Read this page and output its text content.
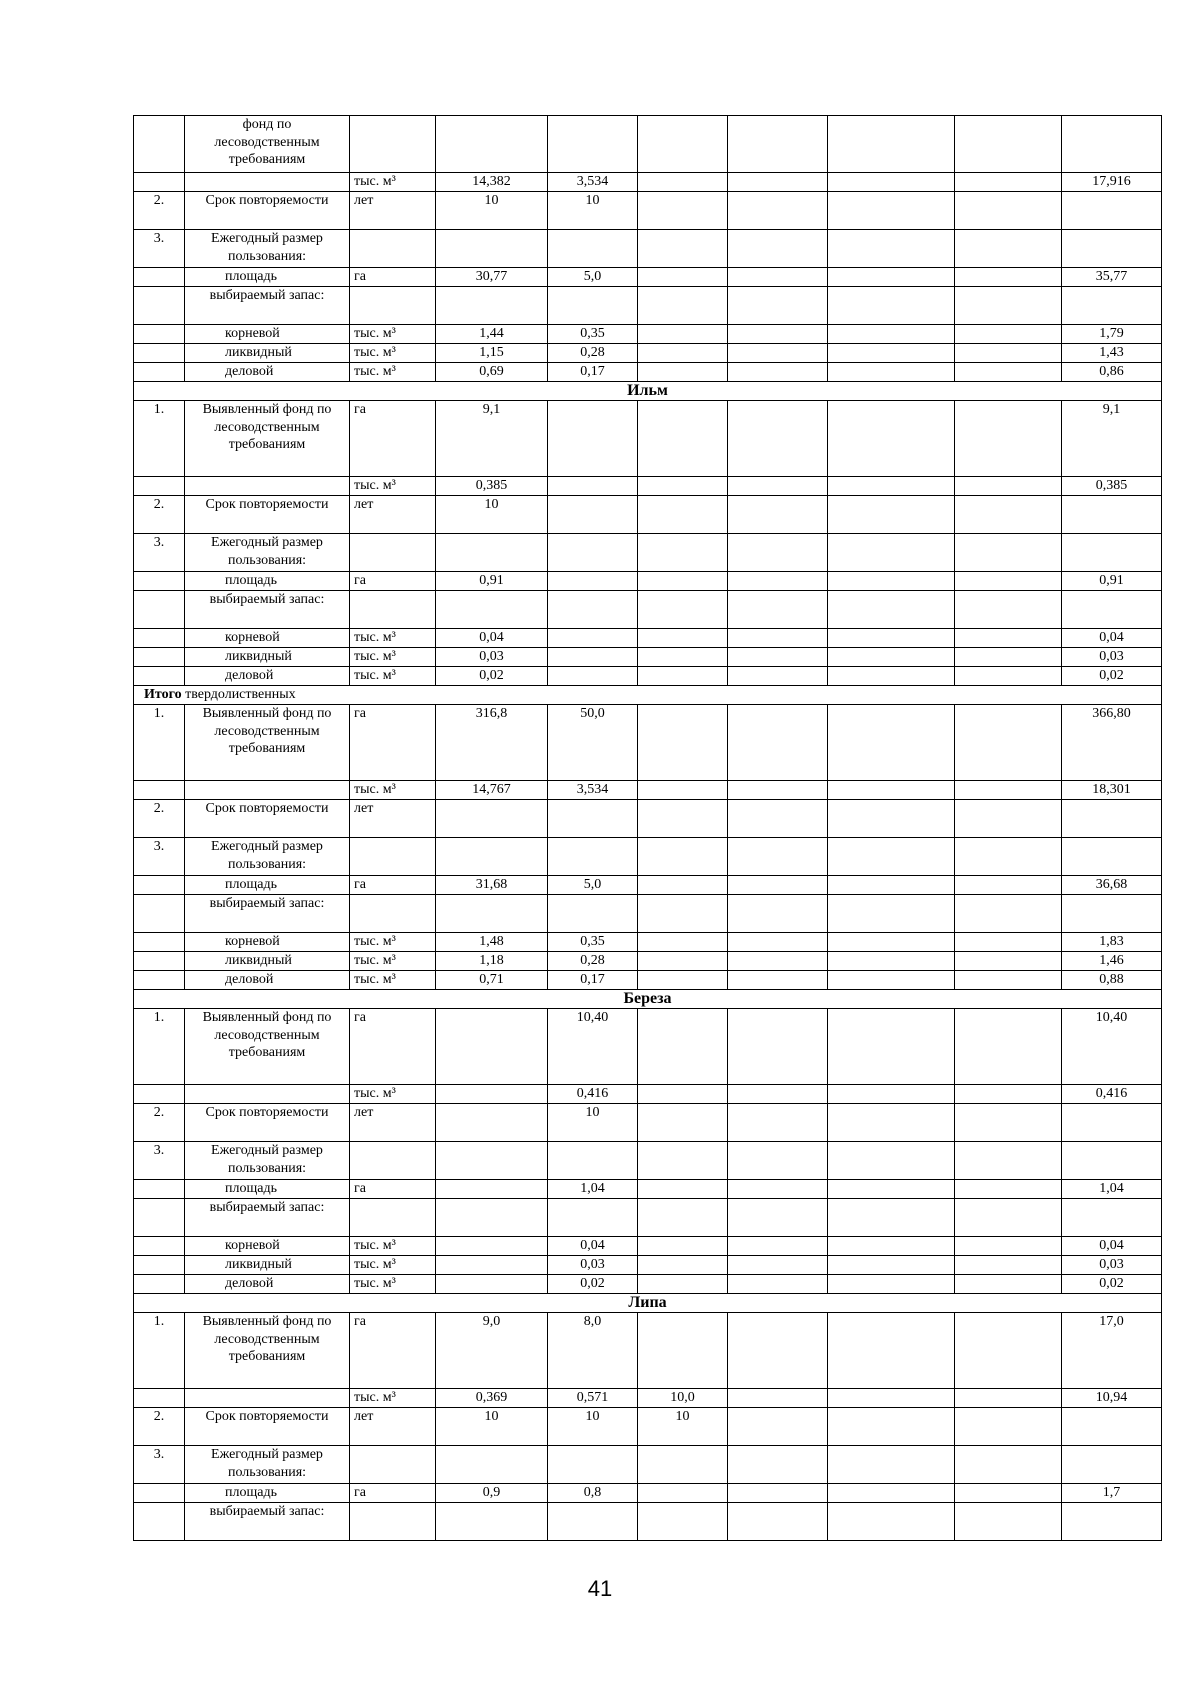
	фонд по лесоводственным требованиям								
		тыс. м³	14,382	3,534					17,916
2.	Срок повторяемости	лет	10	10					
3.	Ежегодный размер пользования:								
	площадь	га	30,77	5,0					35,77
	выбираемый запас:								
	корневой	тыс. м³	1,44	0,35					1,79
	ликвидный	тыс. м³	1,15	0,28					1,43
	деловой	тыс. м³	0,69	0,17					0,86
Ильм									
1.	Выявленный фонд по лесоводственным требованиям	га	9,1						9,1
		тыс. м³	0,385						0,385
2.	Срок повторяемости	лет	10						
3.	Ежегодный размер пользования:								
	площадь	га	0,91						0,91
	выбираемый запас:								
	корневой	тыс. м³	0,04						0,04
	ликвидный	тыс. м³	0,03						0,03
	деловой	тыс. м³	0,02						0,02
Итого твердолиственных									
1.	Выявленный фонд по лесоводственным требованиям	га	316,8	50,0					366,80
		тыс. м³	14,767	3,534					18,301
2.	Срок повторяемости	лет							
3.	Ежегодный размер пользования:								
	площадь	га	31,68	5,0					36,68
	выбираемый запас:								
	корневой	тыс. м³	1,48	0,35					1,83
	ликвидный	тыс. м³	1,18	0,28					1,46
	деловой	тыс. м³	0,71	0,17					0,88
Береза									
1.	Выявленный фонд по лесоводственным требованиям	га		10,40					10,40
		тыс. м³		0,416					0,416
2.	Срок повторяемости	лет		10					
3.	Ежегодный размер пользования:								
	площадь	га		1,04					1,04
	выбираемый запас:								
	корневой	тыс. м³		0,04					0,04
	ликвидный	тыс. м³		0,03					0,03
	деловой	тыс. м³		0,02					0,02
Липа									
1.	Выявленный фонд по лесоводственным требованиям	га	9,0	8,0					17,0
		тыс. м³	0,369	0,571	10,0				10,94
2.	Срок повторяемости	лет	10	10	10				
3.	Ежегодный размер пользования:								
	площадь	га	0,9	0,8					1,7
	выбираемый запас:								
41
